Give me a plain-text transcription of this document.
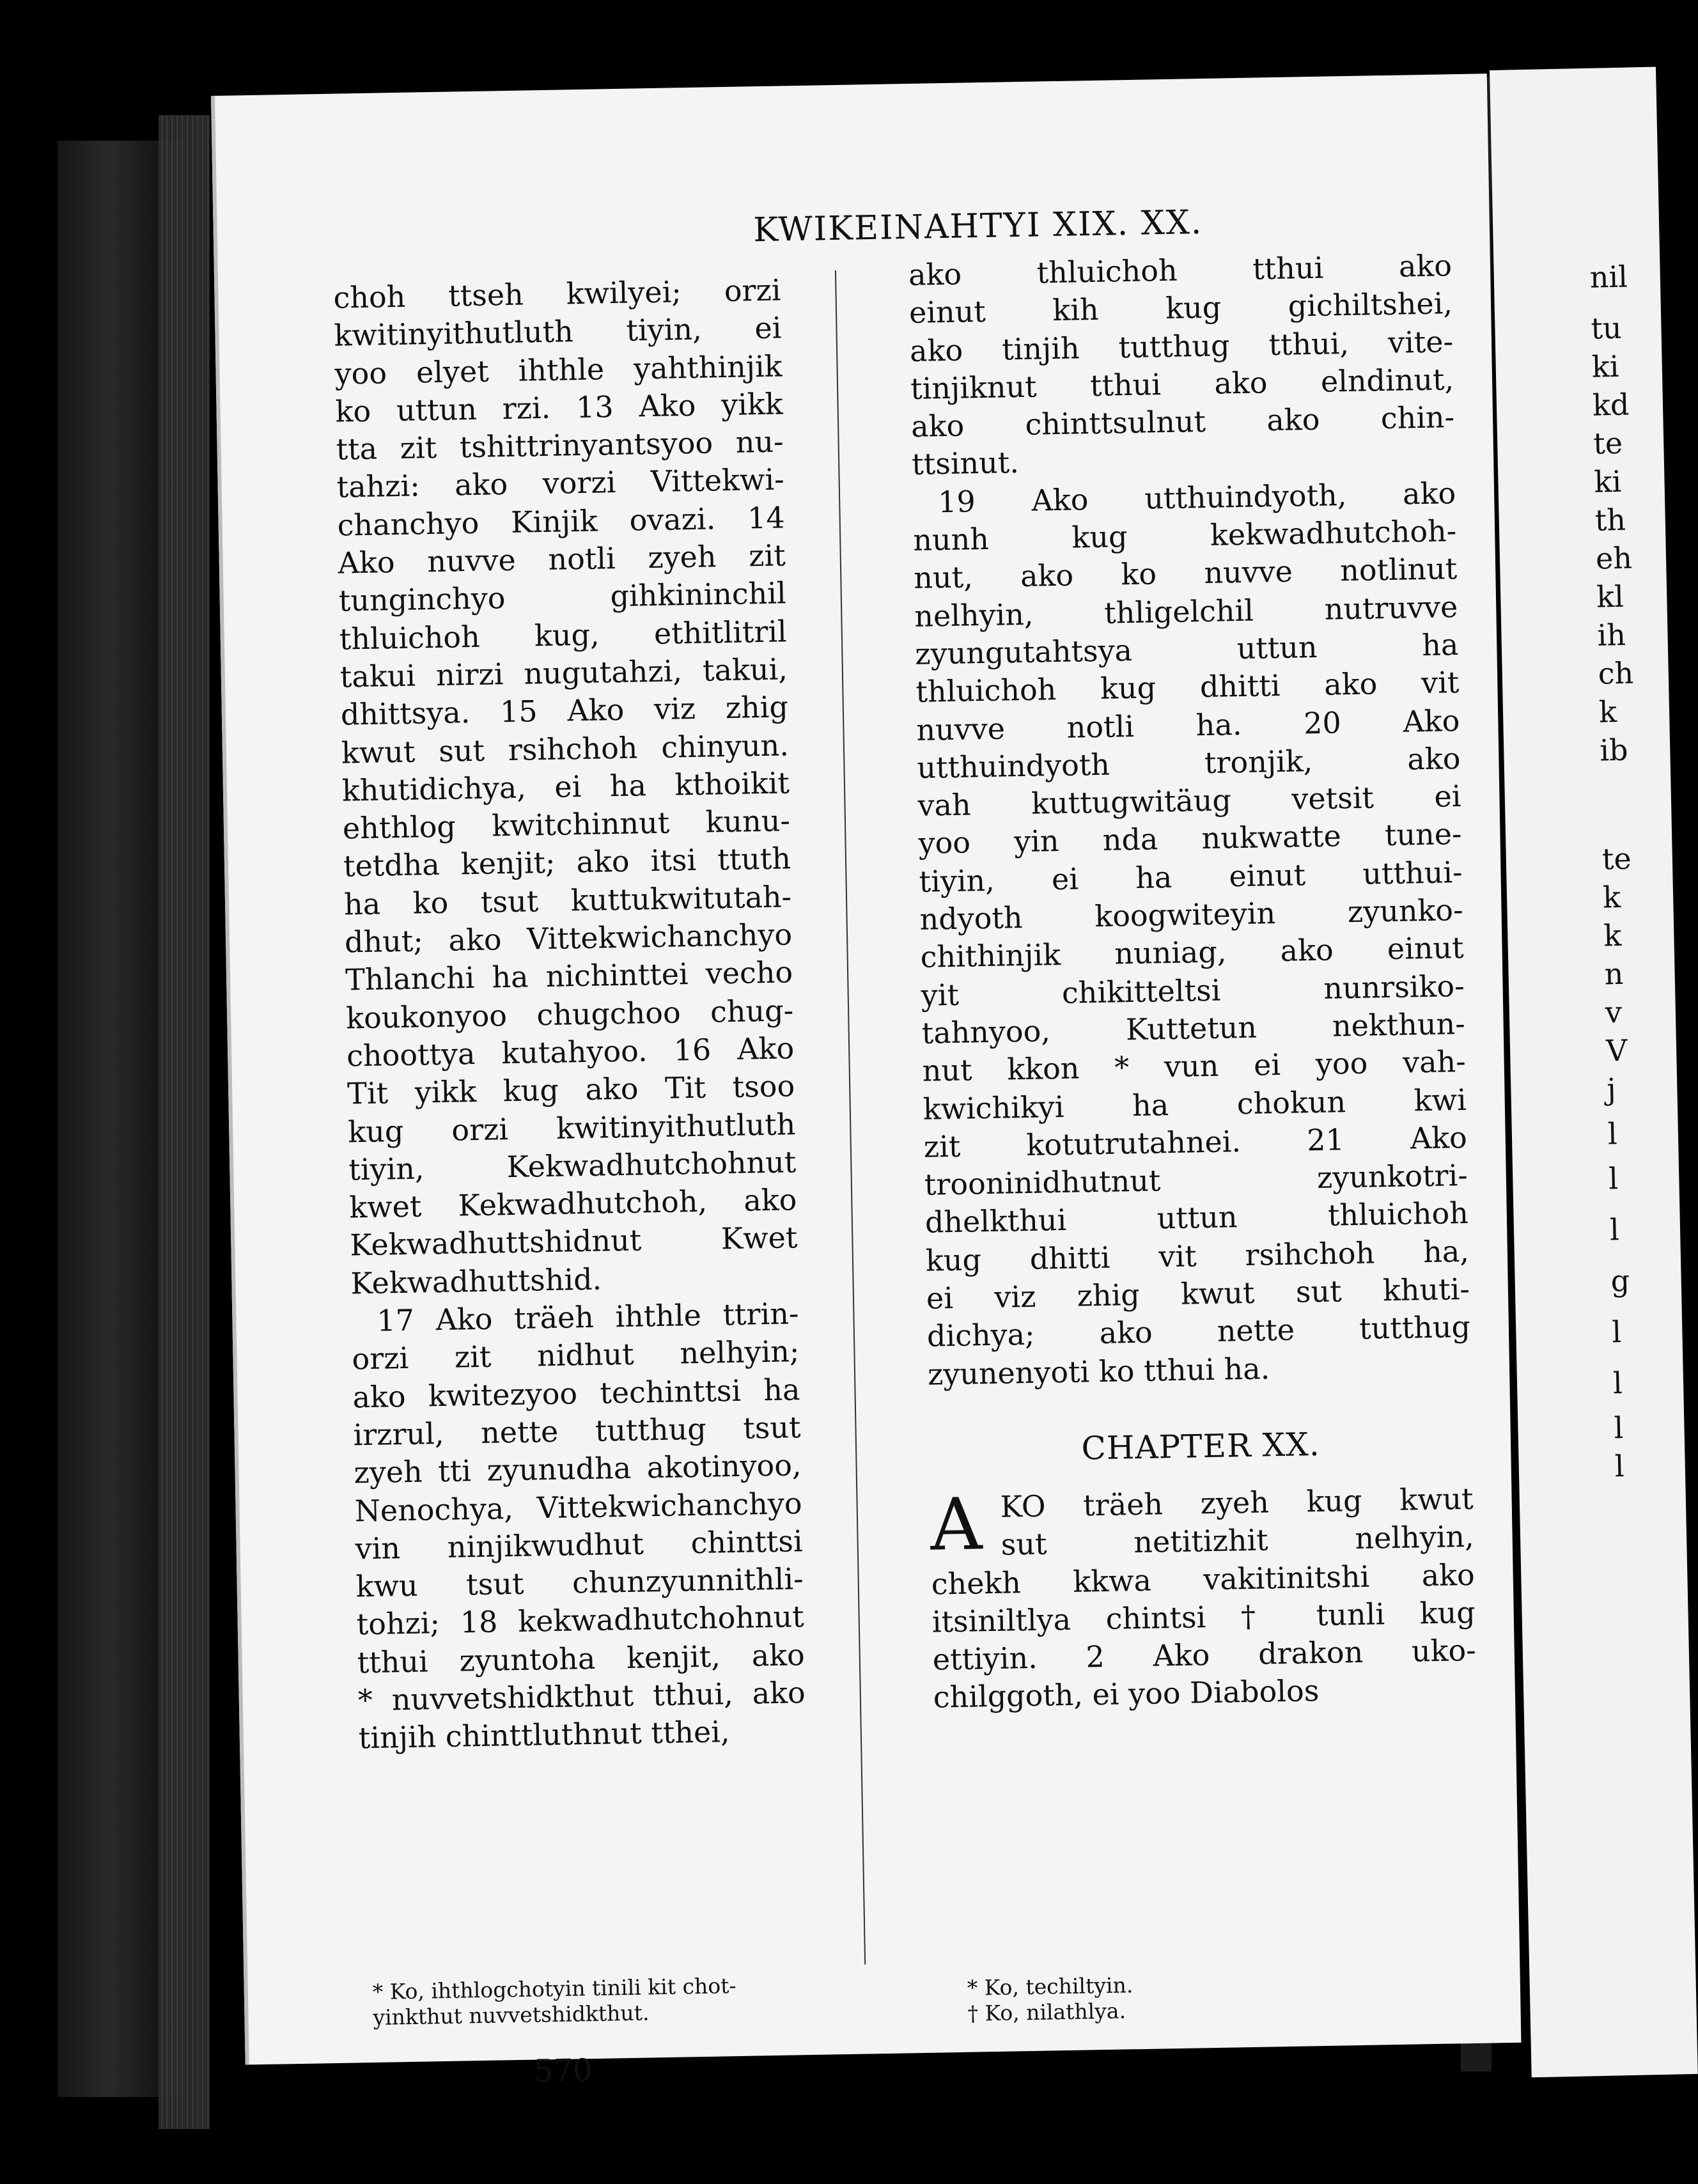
nil
tu
ki
kd
te
ki
th
eh
kl
ih
ch
k
ib
te
k
k
n
v
V
j
l
l
l
g
l
l
l
l
KWIKEINAHTYI XIX. XX.
choh ttseh kwilyei; orzi
kwitinyithutluth tiyin, ei
yoo elyet ihthle yahthinjik
ko uttun rzi. 13 Ako yikk
tta zit tshittrinyantsyoo nu-
tahzi: ako vorzi Vittekwi-
chanchyo Kinjik ovazi. 14
Ako nuvve notli zyeh zit
tunginchyo gihkininchil
thluichoh kug, ethitlitril
takui nirzi nugutahzi, takui,
dhittsya. 15 Ako viz zhig
kwut sut rsihchoh chinyun.
khutidichya, ei ha kthoikit
ehthlog kwitchinnut kunu-
tetdha kenjit; ako itsi ttuth
ha ko tsut kuttukwitutah-
dhut; ako Vittekwichanchyo
Thlanchi ha nichinttei vecho
koukonyoo chugchoo chug-
choottya kutahyoo. 16 Ako
Tit yikk kug ako Tit tsoo
kug orzi kwitinyithutluth
tiyin, Kekwadhutchohnut
kwet Kekwadhutchoh, ako
Kekwadhuttshidnut Kwet
Kekwadhuttshid.
17 Ako träeh ihthle ttrin-
orzi zit nidhut nelhyin;
ako kwitezyoo techinttsi ha
irzrul, nette tutthug tsut
zyeh tti zyunudha akotinyoo,
Nenochya, Vittekwichanchyo
vin ninjikwudhut chinttsi
kwu tsut chunzyunnithli-
tohzi; 18 kekwadhutchohnut
tthui zyuntoha kenjit, ako
* nuvvetshidkthut tthui, ako
tinjih chinttluthnut tthei,
ako thluichoh tthui ako
einut kih kug gichiltshei,
ako tinjih tutthug tthui, vite-
tinjiknut tthui ako elndinut,
ako chinttsulnut ako chin-
ttsinut.
19 Ako utthuindyoth, ako
nunh kug kekwadhutchoh-
nut, ako ko nuvve notlinut
nelhyin, thligelchil nutruvve
zyungutahtsya uttun ha
thluichoh kug dhitti ako vit
nuvve notli ha. 20 Ako
utthuindyoth tronjik, ako
vah kuttugwitäug vetsit ei
yoo yin nda nukwatte tune-
tiyin, ei ha einut utthui-
ndyoth koogwiteyin zyunko-
chithinjik nuniag, ako einut
yit chikitteltsi nunrsiko-
tahnyoo, Kuttetun nekthun-
nut kkon * vun ei yoo vah-
kwichikyi ha chokun kwi
zit kotutrutahnei. 21 Ako
trooninidhutnut zyunkotri-
dhelkthui uttun thluichoh
kug dhitti vit rsihchoh ha,
ei viz zhig kwut sut khuti-
dichya; ako nette tutthug
zyunenyoti ko tthui ha.
CHAPTER XX.
A KO träeh zyeh kug kwut
sut netitizhit nelhyin,
chekh kkwa vakitinitshi ako
itsiniltlya chintsi † tunli kug
ettiyin. 2 Ako drakon uko-
chilggoth, ei yoo Diabolos
* Ko, ihthlogchotyin tinili kit chot-
yinkthut nuvvetshidkthut.
* Ko, techiltyin.
† Ko, nilathlya.
570
